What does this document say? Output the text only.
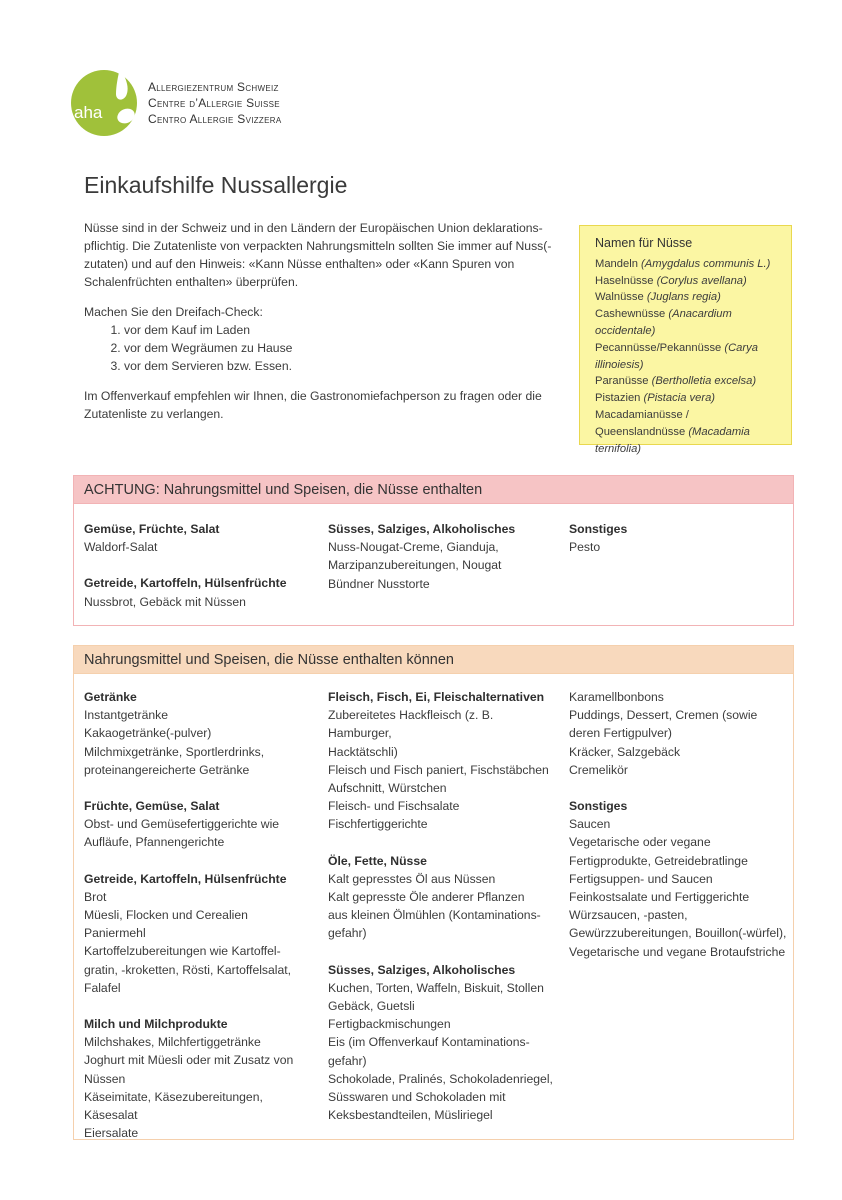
aha
Allergiezentrum Schweiz
Centre d’Allergie Suisse
Centro Allergie Svizzera
Einkaufshilfe Nussallergie

Nüsse sind in der Schweiz und in den Ländern der Europäischen Union deklarations-pflichtig. Die Zutatenliste von verpackten Nahrungsmitteln sollten Sie immer auf Nuss(-zutaten) und auf den Hinweis: «Kann Nüsse enthalten» oder «Kann Spuren von Schalenfrüchten enthalten» überprüfen.

Machen Sie den Dreifach-Check:

1. vor dem Kauf im Laden
2. vor dem Wegräumen zu Hause
3. vor dem Servieren bzw. Essen.

Im Offenverkauf empfehlen wir Ihnen, die Gastronomiefachperson zu fragen oder die Zutatenliste zu verlangen.

Namen für Nüsse
Mandeln (Amygdalus communis L.)
Haselnüsse (Corylus avellana)
Walnüsse (Juglans regia)
Cashewnüsse (Anacardium occidentale)
Pecannüsse/Pekannüsse (Carya illinoiesis)
Paranüsse (Bertholletia excelsa)
Pistazien (Pistacia vera)
Macadamianüsse / Queenslandnüsse (Macadamia ternifolia)
ACHTUNG: Nahrungsmittel und Speisen, die Nüsse enthalten
Gemüse, Früchte, Salat
Waldorf-Salat
Getreide, Kartoffeln, Hülsenfrüchte
Nussbrot, Gebäck mit Nüssen
Süsses, Salziges, Alkoholisches
Nuss-Nougat-Creme, Gianduja,
Marzipanzubereitungen, Nougat
Bündner Nusstorte
Sonstiges
Pesto
Nahrungsmittel und Speisen, die Nüsse enthalten können
Getränke
Instantgetränke
Kakaogetränke(-pulver)
Milchmixgetränke, Sportlerdrinks,
proteinangereicherte Getränke
Früchte, Gemüse, Salat
Obst- und Gemüsefertiggerichte wie
Aufläufe, Pfannengerichte
Getreide, Kartoffeln, Hülsenfrüchte
Brot
Müesli, Flocken und Cerealien
Paniermehl
Kartoffelzubereitungen wie Kartoffel-
gratin, -kroketten, Rösti, Kartoffelsalat,
Falafel
Milch und Milchprodukte
Milchshakes, Milchfertiggetränke
Joghurt mit Müesli oder mit Zusatz von
Nüssen
Käseimitate, Käsezubereitungen, Käsesalat
Eiersalate
Fleisch, Fisch, Ei, Fleischalternativen
Zubereitetes Hackfleisch (z. B. Hamburger,
Hacktätschli)
Fleisch und Fisch paniert, Fischstäbchen
Aufschnitt, Würstchen
Fleisch- und Fischsalate
Fischfertiggerichte
Öle, Fette, Nüsse
Kalt gepresstes Öl aus Nüssen
Kalt gepresste Öle anderer Pflanzen
aus kleinen Ölmühlen (Kontaminations-
gefahr)
Süsses, Salziges, Alkoholisches
Kuchen, Torten, Waffeln, Biskuit, Stollen
Gebäck, Guetsli
Fertigbackmischungen
Eis (im Offenverkauf Kontaminations-
gefahr)
Schokolade, Pralinés, Schokoladenriegel,
Süsswaren und Schokoladen mit
Keksbestandteilen, Müsliriegel
Karamellbonbons
Puddings, Dessert, Cremen (sowie
deren Fertigpulver)
Kräcker, Salzgebäck
Cremelikör
Sonstiges
Saucen
Vegetarische oder vegane
Fertigprodukte, Getreidebratlinge
Fertigsuppen- und Saucen
Feinkostsalate und Fertiggerichte
Würzsaucen, -pasten,
Gewürzzubereitungen, Bouillon(-würfel),
Vegetarische und vegane Brotaufstriche
